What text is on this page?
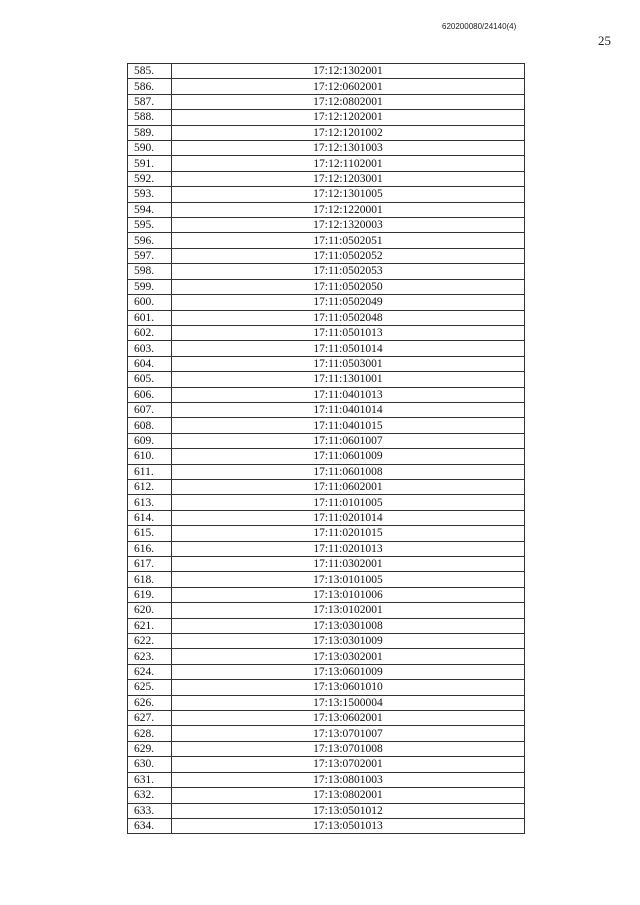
620200080/24140(4)
25
585.	17:12:1302001
586.	17:12:0602001
587.	17:12:0802001
588.	17:12:1202001
589.	17:12:1201002
590.	17:12:1301003
591.	17:12:1102001
592.	17:12:1203001
593.	17:12:1301005
594.	17:12:1220001
595.	17:12:1320003
596.	17:11:0502051
597.	17:11:0502052
598.	17:11:0502053
599.	17:11:0502050
600.	17:11:0502049
601.	17:11:0502048
602.	17:11:0501013
603.	17:11:0501014
604.	17:11:0503001
605.	17:11:1301001
606.	17:11:0401013
607.	17:11:0401014
608.	17:11:0401015
609.	17:11:0601007
610.	17:11:0601009
611.	17:11:0601008
612.	17:11:0602001
613.	17:11:0101005
614.	17:11:0201014
615.	17:11:0201015
616.	17:11:0201013
617.	17:11:0302001
618.	17:13:0101005
619.	17:13:0101006
620.	17:13:0102001
621.	17:13:0301008
622.	17:13:0301009
623.	17:13:0302001
624.	17:13:0601009
625.	17:13:0601010
626.	17:13:1500004
627.	17:13:0602001
628.	17:13:0701007
629.	17:13:0701008
630.	17:13:0702001
631.	17:13:0801003
632.	17:13:0802001
633.	17:13:0501012
634.	17:13:0501013
